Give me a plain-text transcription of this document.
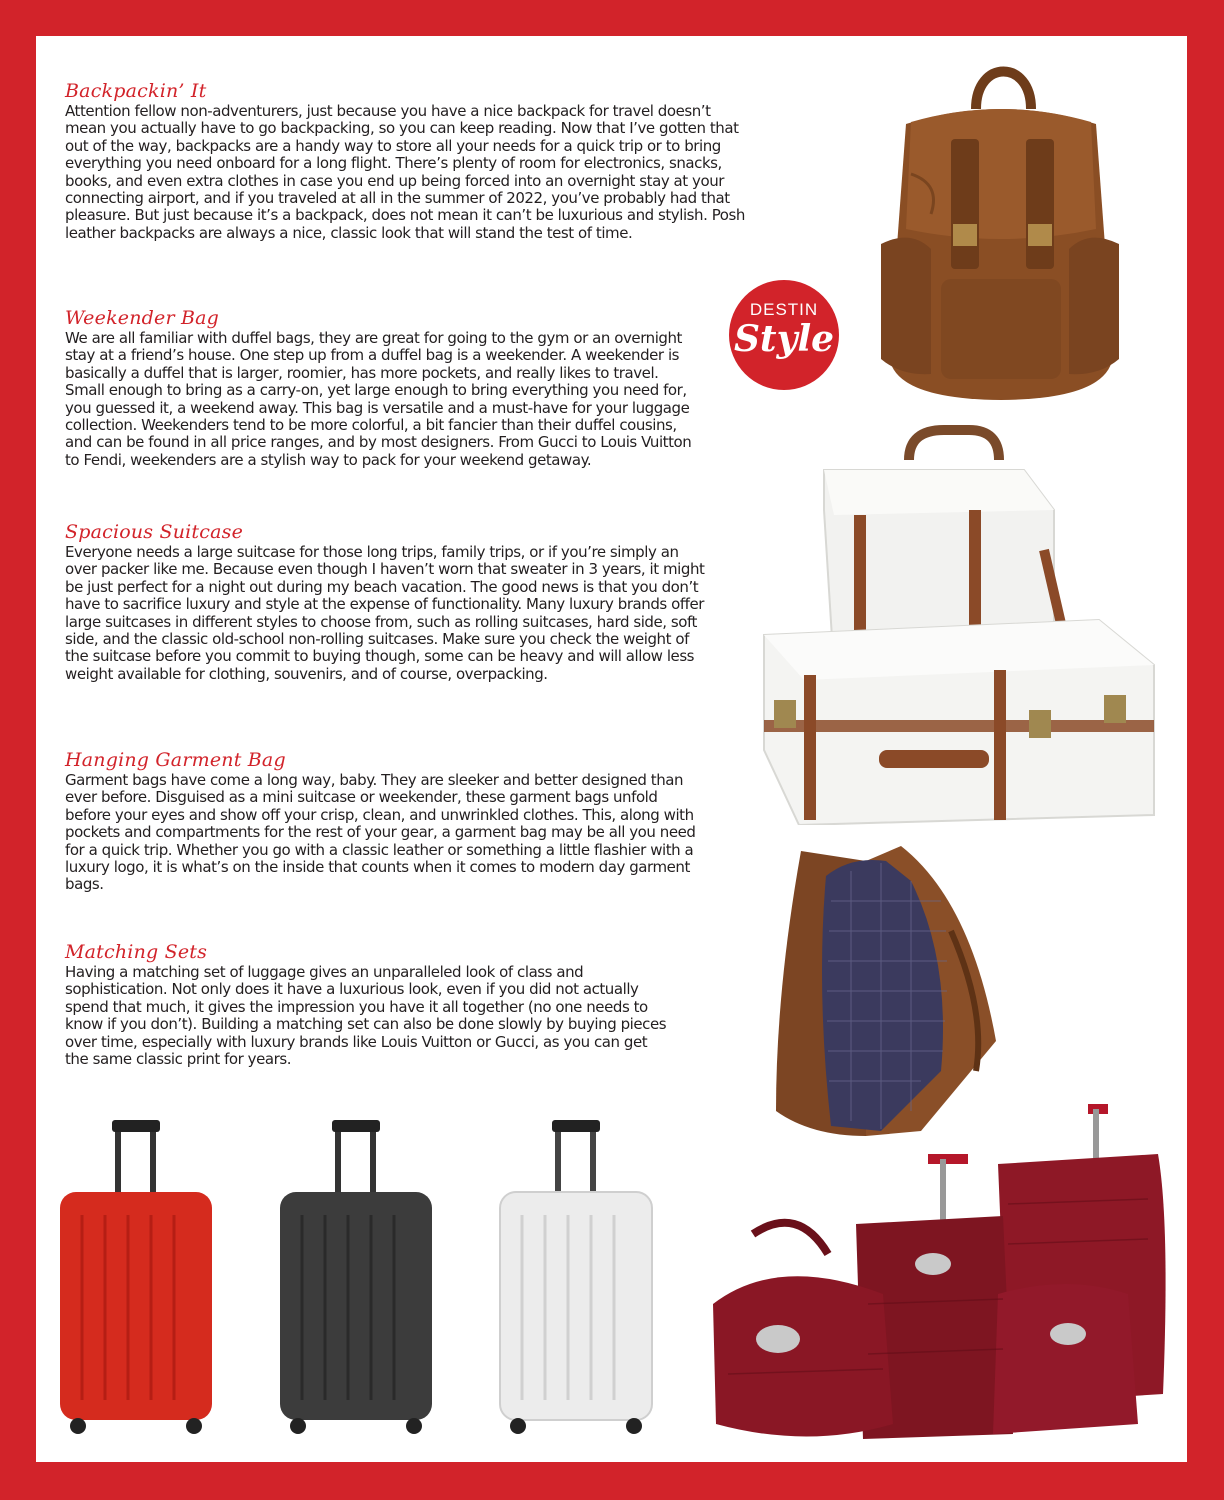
Backpackin’ It

Attention fellow non-adventurers, just because you have a nice backpack for travel doesn’t mean you actually have to go backpacking, so you can keep reading. Now that I’ve gotten that out of the way, backpacks are a handy way to store all your needs for a quick trip or to bring everything you need onboard for a long flight. There’s plenty of room for electronics, snacks, books, and even extra clothes in case you end up being forced into an overnight stay at your connecting airport, and if you traveled at all in the summer of 2022, you’ve probably had that pleasure. But just because it’s a backpack, does not mean it can’t be luxurious and stylish. Posh leather backpacks are always a nice, classic look that will stand the test of time.

Weekender Bag

We are all familiar with duffel bags, they are great for going to the gym or an overnight stay at a friend’s house. One step up from a duffel bag is a weekender. A weekender is basically a duffel that is larger, roomier, has more pockets, and really likes to travel. Small enough to bring as a carry-on, yet large enough to bring everything you need for, you guessed it, a weekend away. This bag is versatile and a must-have for your luggage collection. Weekenders tend to be more colorful, a bit fancier than their duffel cousins, and can be found in all price ranges, and by most designers. From Gucci to Louis Vuitton to Fendi, weekenders are a stylish way to pack for your weekend getaway.

Spacious Suitcase

Everyone needs a large suitcase for those long trips, family trips, or if you’re simply an over packer like me. Because even though I haven’t worn that sweater in 3 years, it might be just perfect for a night out during my beach vacation. The good news is that you don’t have to sacrifice luxury and style at the expense of functionality. Many luxury brands offer large suitcases in different styles to choose from, such as rolling suitcases, hard side, soft side, and the classic old-school non-rolling suitcases. Make sure you check the weight of the suitcase before you commit to buying though, some can be heavy and will allow less weight available for clothing, souvenirs, and of course, overpacking.

Hanging Garment Bag

Garment bags have come a long way, baby. They are sleeker and better designed than ever before. Disguised as a mini suitcase or weekender, these garment bags unfold before your eyes and show off your crisp, clean, and unwrinkled clothes. This, along with pockets and compartments for the rest of your gear, a garment bag may be all you need for a quick trip. Whether you go with a classic leather or something a little flashier with a luxury logo, it is what’s on the inside that counts when it comes to modern day garment bags.

Matching Sets

Having a matching set of luggage gives an unparalleled look of class and sophistication. Not only does it have a luxurious look, even if you did not actually spend that much, it gives the impression you have it all together (no one needs to know if you don’t). Building a matching set can also be done slowly by buying pieces over time, especially with luxury brands like Louis Vuitton or Gucci, as you can get the same classic print for years.

DESTIN
Style
